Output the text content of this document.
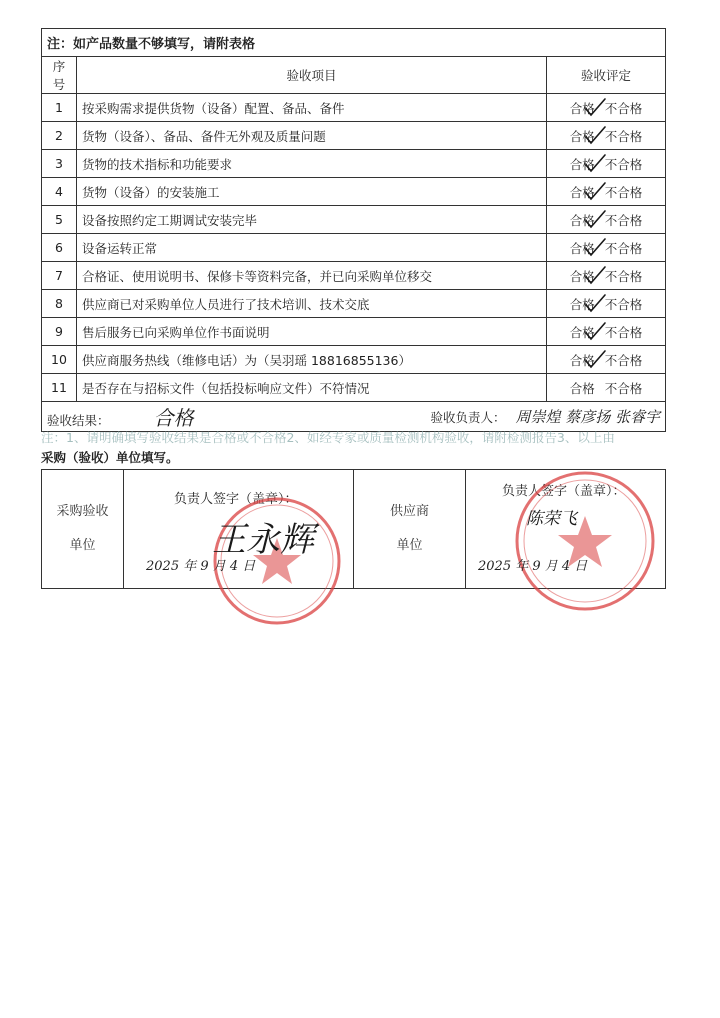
注：如产品数量不够填写，请附表格		
序号	验收项目	验收评定
1	按采购需求提供货物（设备）配置、备品、备件	合格 不合格
2	货物（设备）、备品、备件无外观及质量问题	合格 不合格
3	货物的技术指标和功能要求	合格 不合格
4	货物（设备）的安装施工	合格 不合格
5	设备按照约定工期调试安装完毕	合格 不合格
6	设备运转正常	合格 不合格
7	合格证、使用说明书、保修卡等资料完备，并已向采购单位移交	合格 不合格
8	供应商已对采购单位人员进行了技术培训、技术交底	合格 不合格
9	售后服务已向采购单位作书面说明	合格 不合格
10	供应商服务热线（维修电话）为（吴羽瑶 18816855136）	合格 不合格
11	是否存在与招标文件（包括投标响应文件）不符情况	合格 不合格

验收结果： 合格 验收负责人： 周崇煌 蔡彦扬 张睿宇		
注：1、请明确填写验收结果是合格或不合格2、如经专家或质量检测机构验收，请附检测报告3、以上由
采购（验收）单位填写。
采购验收
单位

负责人签字（盖章）：
王永辉
2025 年 9 月 4 日

供应商
单位

负责人签字（盖章）：
陈荣飞
2025 年 9 月 4 日
